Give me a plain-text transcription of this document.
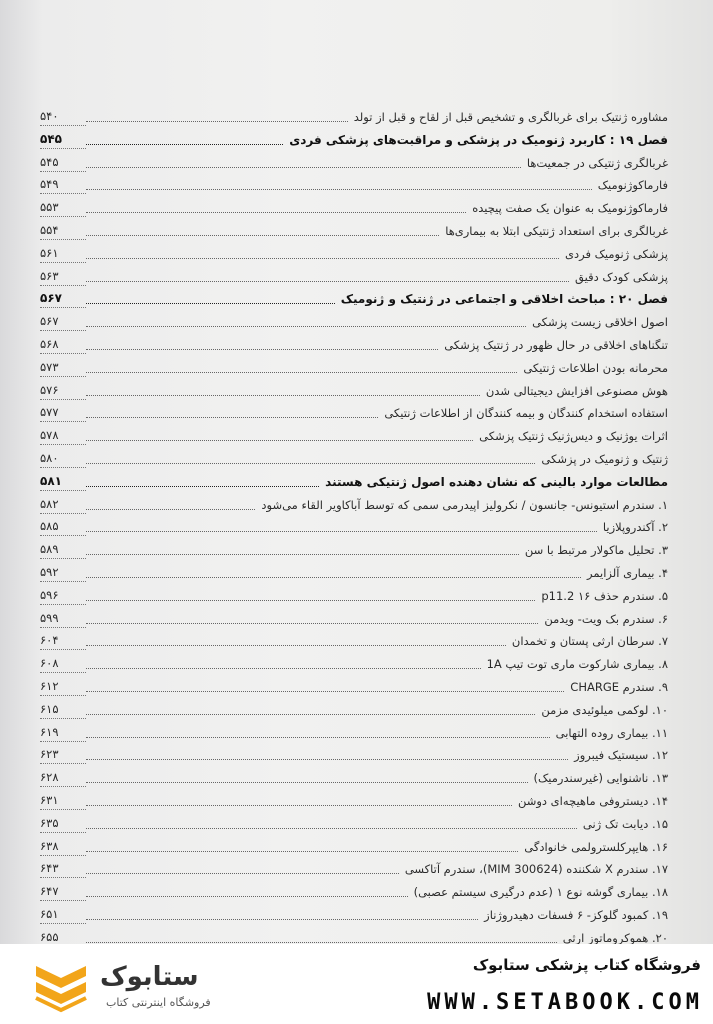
۵۴۰	مشاوره ژنتیک برای غربالگری و تشخیص قبل از لقاح و قبل از تولد
۵۴۵	فصل ۱۹ : کاربرد ژنومیک در پزشکی و مراقبت‌های پزشکی فردی
۵۴۵	غربالگری ژنتیکی در جمعیت‌ها
۵۴۹	فارماکوژنومیک
۵۵۳	فارماکوژنومیک به عنوان یک صفت پیچیده
۵۵۴	غربالگری برای استعداد ژنتیکی ابتلا به بیماری‌ها
۵۶۱	پزشکی ژنومیک فردی
۵۶۳	پزشکی کودک دقیق
۵۶۷	فصل ۲۰ : مباحث اخلاقی و اجتماعی در ژنتیک و ژنومیک
۵۶۷	اصول اخلاقی زیست پزشکی
۵۶۸	تنگناهای اخلاقی در حال ظهور در ژنتیک پزشکی
۵۷۳	محرمانه بودن اطلاعات ژنتیکی
۵۷۶	هوش مصنوعی افزایش دیجیتالی شدن
۵۷۷	استفاده استخدام کنندگان و بیمه کنندگان از اطلاعات ژنتیکی
۵۷۸	اثرات یوژنیک و دیس‌ژنیک ژنتیک پزشکی
۵۸۰	ژنتیک و ژنومیک در پزشکی
۵۸۱	مطالعات موارد بالینی که نشان دهنده اصول ژنتیکی هستند
۵۸۲	۱. سندرم استیونس- جانسون / نکرولیز اپیدرمی سمی که توسط آباکاویر القاء می‌شود
۵۸۵	۲. آکندروپلازیا
۵۸۹	۳. تحلیل ماکولار مرتبط با سن
۵۹۲	۴. بیماری آلزایمر
۵۹۶	۵. سندرم حذف ۱۶ p11.2
۵۹۹	۶. سندرم بک ویت- ویدمن
۶۰۴	۷. سرطان ارثی پستان و تخمدان
۶۰۸	۸. بیماری شارکوت ماری توت تیپ 1A
۶۱۲	۹. سندرم CHARGE
۶۱۵	۱۰. لوکمی میلوئیدی مزمن
۶۱۹	۱۱. بیماری روده التهابی
۶۲۳	۱۲. سیستیک فیبروز
۶۲۸	۱۳. ناشنوایی (غیرسندرمیک)
۶۳۱	۱۴. دیستروفی ماهیچه‌ای دوشن
۶۳۵	۱۵. دیابت تک ژنی
۶۳۸	۱۶. هایپرکلسترولمی خانوادگی
۶۴۳	۱۷. سندرم X شکننده (MIM 300624)، سندرم آتاکسی
۶۴۷	۱۸. بیماری گوشه نوع ۱ (عدم درگیری سیستم عصبی)
۶۵۱	۱۹. کمبود گلوکز- ۶ فسفات دهیدروژناز
۶۵۵	۲۰. هموکروماتوز ارثی
فروشگاه کتاب پزشکی ستابوک
WWW.SETABOOK.COM
ستابوک
فروشگاه اینترنتی کتاب
